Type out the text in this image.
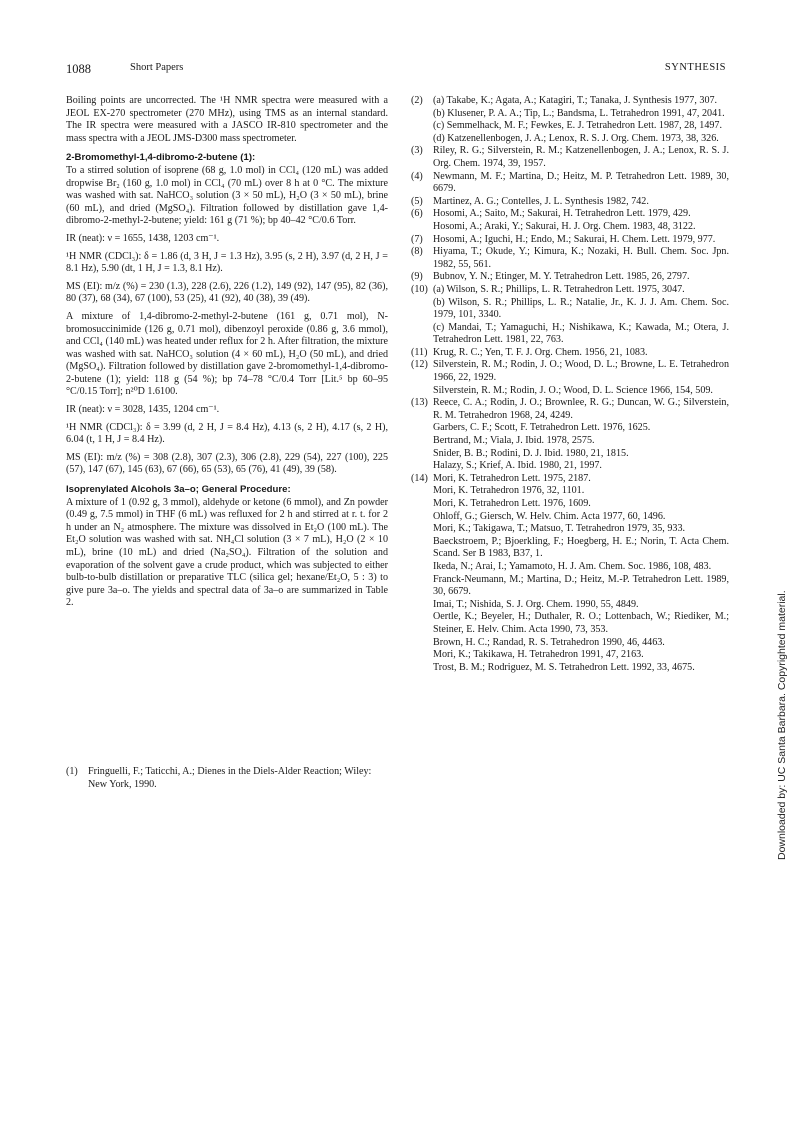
1088	Short Papers	SYNTHESIS

Boiling points are uncorrected. The ¹H NMR spectra were measured with a JEOL EX-270 spectrometer (270 MHz), using TMS as an internal standard. The IR spectra were measured with a JASCO IR-810 spectrometer and the mass spectra with a JEOL JMS-D300 mass spectrometer.

2-Bromomethyl-1,4-dibromo-2-butene (1):

To a stirred solution of isoprene (68 g, 1.0 mol) in CCl₄ (120 mL) was added dropwise Br₂ (160 g, 1.0 mol) in CCl₄ (70 mL) over 8 h at 0 °C. The mixture was washed with sat. NaHCO₃ solution (3 × 50 mL), H₂O (3 × 50 mL), brine (60 mL), and dried (MgSO₄). Filtration followed by distillation gave 1,4-dibromo-2-methyl-2-butene; yield: 161 g (71 %); bp 40–42 °C/0.6 Torr.

IR (neat): ν = 1655, 1438, 1203 cm⁻¹.

¹H NMR (CDCl₃): δ = 1.86 (d, 3 H, J = 1.3 Hz), 3.95 (s, 2 H), 3.97 (d, 2 H, J = 8.1 Hz), 5.90 (dt, 1 H, J = 1.3, 8.1 Hz).

MS (EI): m/z (%) = 230 (1.3), 228 (2.6), 226 (1.2), 149 (92), 147 (95), 82 (36), 80 (37), 68 (34), 67 (100), 53 (25), 41 (92), 40 (38), 39 (49).

A mixture of 1,4-dibromo-2-methyl-2-butene (161 g, 0.71 mol), N-bromosuccinimide (126 g, 0.71 mol), dibenzoyl peroxide (0.86 g, 3.6 mmol), and CCl₄ (140 mL) was heated under reflux for 2 h. After filtration, the mixture was washed with sat. NaHCO₃ solution (4 × 60 mL), H₂O (50 mL), and dried (MgSO₄). Filtration followed by distillation gave 2-bromomethyl-1,4-dibromo-2-butene (1); yield: 118 g (54 %); bp 74–78 °C/0.4 Torr [Lit.⁵ bp 60–95 °C/0.15 Torr]; n²⁰D 1.6100.

IR (neat): ν = 3028, 1435, 1204 cm⁻¹.

¹H NMR (CDCl₃): δ = 3.99 (d, 2 H, J = 8.4 Hz), 4.13 (s, 2 H), 4.17 (s, 2 H), 6.04 (t, 1 H, J = 8.4 Hz).

MS (EI): m/z (%) = 308 (2.8), 307 (2.3), 306 (2.8), 229 (54), 227 (100), 225 (57), 147 (67), 145 (63), 67 (66), 65 (53), 65 (76), 41 (49), 39 (58).

Isoprenylated Alcohols 3a–o; General Procedure:

A mixture of 1 (0.92 g, 3 mmol), aldehyde or ketone (6 mmol), and Zn powder (0.49 g, 7.5 mmol) in THF (6 mL) was refluxed for 2 h and stirred at r. t. for 2 h under an N₂ atmosphere. The mixture was dissolved in Et₂O (100 mL). The Et₂O solution was washed with sat. NH₄Cl solution (3 × 7 mL), H₂O (2 × 10 mL), brine (10 mL) and dried (Na₂SO₄). Filtration of the solution and evaporation of the solvent gave a crude product, which was subjected to either bulb-to-bulb distillation or preparative TLC (silica gel; hexane/Et₂O, 5 : 3) to give pure 3a–o. The yields and spectral data of 3a–o are summarized in Table 2.

(1) Fringuelli, F.; Taticchi, A.; Dienes in the Diels-Alder Reaction; Wiley: New York, 1990.

(2) (a) Takabe, K.; Agata, A.; Katagiri, T.; Tanaka, J. Synthesis 1977, 307.
(b) Klusener, P. A. A.; Tip, L.; Bandsma, L. Tetrahedron 1991, 47, 2041.
(c) Semmelhack, M. F.; Fewkes, E. J. Tetrahedron Lett. 1987, 28, 1497.
(d) Katzenellenbogen, J. A.; Lenox, R. S. J. Org. Chem. 1973, 38, 326.

(3) Riley, R. G.; Silverstein, R. M.; Katzenellenbogen, J. A.; Lenox, R. S. J. Org. Chem. 1974, 39, 1957.

(4) Newmann, M. F.; Martina, D.; Heitz, M. P. Tetrahedron Lett. 1989, 30, 6679.

(5) Martinez, A. G.; Contelles, J. L. Synthesis 1982, 742.

(6) Hosomi, A.; Saito, M.; Sakurai, H. Tetrahedron Lett. 1979, 429.
Hosomi, A.; Araki, Y.; Sakurai, H. J. Org. Chem. 1983, 48, 3122.

(7) Hosomi, A.; Iguchi, H.; Endo, M.; Sakurai, H. Chem. Lett. 1979, 977.

(8) Hiyama, T.; Okude, Y.; Kimura, K.; Nozaki, H. Bull. Chem. Soc. Jpn. 1982, 55, 561.

(9) Bubnov, Y. N.; Etinger, M. Y. Tetrahedron Lett. 1985, 26, 2797.

(10) (a) Wilson, S. R.; Phillips, L. R. Tetrahedron Lett. 1975, 3047.
(b) Wilson, S. R.; Phillips, L. R.; Natalie, Jr., K. J. J. Am. Chem. Soc. 1979, 101, 3340.
(c) Mandai, T.; Yamaguchi, H.; Nishikawa, K.; Kawada, M.; Otera, J. Tetrahedron Lett. 1981, 22, 763.

(11) Krug, R. C.; Yen, T. F. J. Org. Chem. 1956, 21, 1083.

(12) Silverstein, R. M.; Rodin, J. O.; Wood, D. L.; Browne, L. E. Tetrahedron 1966, 22, 1929.
Silverstein, R. M.; Rodin, J. O.; Wood, D. L. Science 1966, 154, 509.

(13) Reece, C. A.; Rodin, J. O.; Brownlee, R. G.; Duncan, W. G.; Silverstein, R. M. Tetrahedron 1968, 24, 4249.
Garbers, C. F.; Scott, F. Tetrahedron Lett. 1976, 1625.
Bertrand, M.; Viala, J. Ibid. 1978, 2575.
Snider, B. B.; Rodini, D. J. Ibid. 1980, 21, 1815.
Halazy, S.; Krief, A. Ibid. 1980, 21, 1997.

(14) Mori, K. Tetrahedron Lett. 1975, 2187.
Mori, K. Tetrahedron 1976, 32, 1101.
Mori, K. Tetrahedron Lett. 1976, 1609.
Ohloff, G.; Giersch, W. Helv. Chim. Acta 1977, 60, 1496.
Mori, K.; Takigawa, T.; Matsuo, T. Tetrahedron 1979, 35, 933.
Baeckstroem, P.; Bjoerkling, F.; Hoegberg, H. E.; Norin, T. Acta Chem. Scand. Ser B 1983, B37, 1.
Ikeda, N.; Arai, I.; Yamamoto, H. J. Am. Chem. Soc. 1986, 108, 483.
Franck-Neumann, M.; Martina, D.; Heitz, M.-P. Tetrahedron Lett. 1989, 30, 6679.
Imai, T.; Nishida, S. J. Org. Chem. 1990, 55, 4849.
Oertle, K.; Beyeler, H.; Duthaler, R. O.; Lottenbach, W.; Riediker, M.; Steiner, E. Helv. Chim. Acta 1990, 73, 353.
Brown, H. C.; Randad, R. S. Tetrahedron 1990, 46, 4463.
Mori, K.; Takikawa, H. Tetrahedron 1991, 47, 2163.
Trost, B. M.; Rodriguez, M. S. Tetrahedron Lett. 1992, 33, 4675.	Downloaded by: UC Santa Barbara. Copyrighted material.
